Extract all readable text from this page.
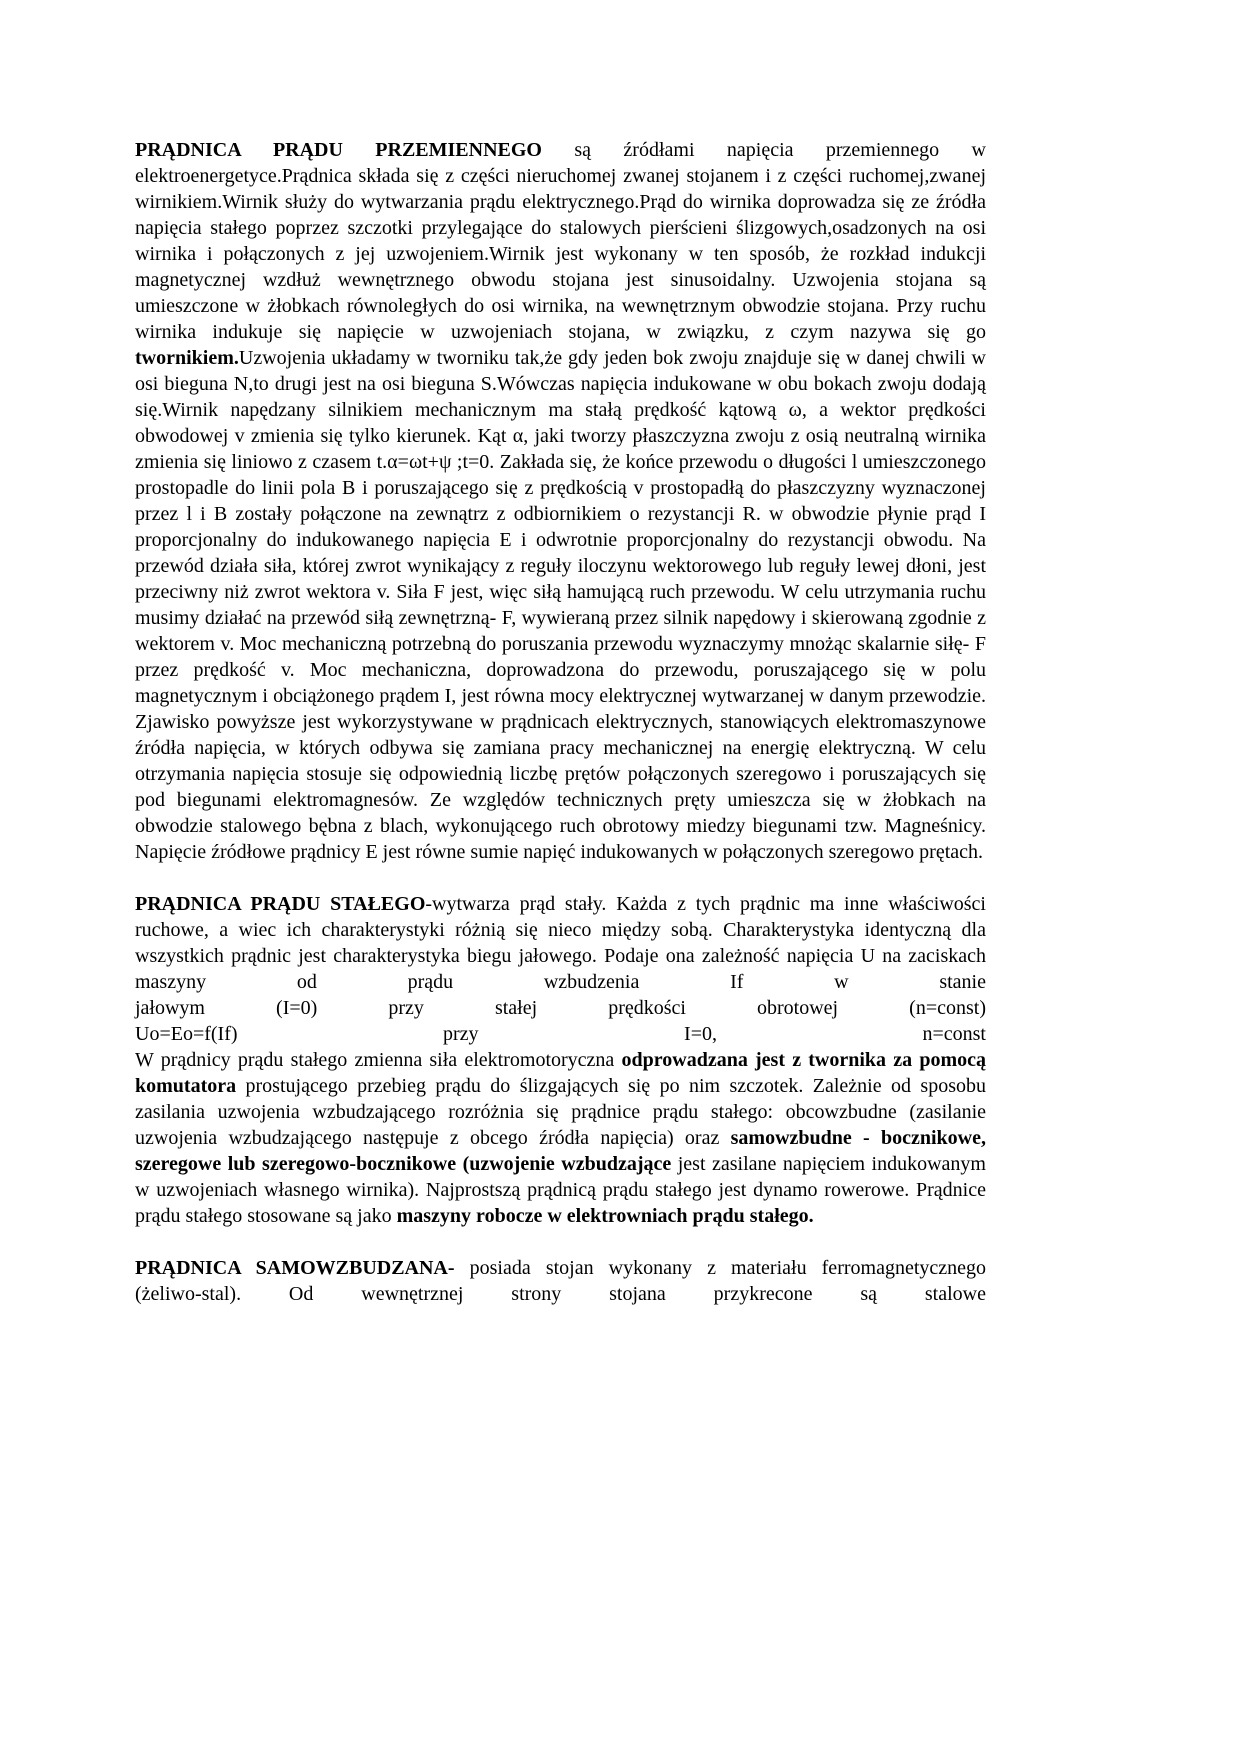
PRĄDNICA PRĄDU PRZEMIENNEGO są źródłami napięcia przemiennego w elektroenergetyce.Prądnica składa się z części nieruchomej zwanej stojanem i z części ruchomej,zwanej wirnikiem.Wirnik służy do wytwarzania prądu elektrycznego.Prąd do wirnika doprowadza się ze źródła napięcia stałego poprzez szczotki przylegające do stalowych pierścieni ślizgowych,osadzonych na osi wirnika i połączonych z jej uzwojeniem.Wirnik jest wykonany w ten sposób, że rozkład indukcji magnetycznej wzdłuż wewnętrznego obwodu stojana jest sinusoidalny. Uzwojenia stojana są umieszczone w żłobkach równoległych do osi wirnika, na wewnętrznym obwodzie stojana. Przy ruchu wirnika indukuje się napięcie w uzwojeniach stojana, w związku, z czym nazywa się go twornikiem.Uzwojenia układamy w tworniku tak,że gdy jeden bok zwoju znajduje się w danej chwili w osi bieguna N,to drugi jest na osi bieguna S.Wówczas napięcia indukowane w obu bokach zwoju dodają się.Wirnik napędzany silnikiem mechanicznym ma stałą prędkość kątową ω, a wektor prędkości obwodowej v zmienia się tylko kierunek. Kąt α, jaki tworzy płaszczyzna zwoju z osią neutralną wirnika zmienia się liniowo z czasem t.α=ωt+ψ ;t=0. Zakłada się, że końce przewodu o długości l umieszczonego prostopadle do linii pola B i poruszającego się z prędkością v prostopadłą do płaszczyzny wyznaczonej przez l i B zostały połączone na zewnątrz z odbiornikiem o rezystancji R. w obwodzie płynie prąd I proporcjonalny do indukowanego napięcia E i odwrotnie proporcjonalny do rezystancji obwodu. Na przewód działa siła, której zwrot wynikający z reguły iloczynu wektorowego lub reguły lewej dłoni, jest przeciwny niż zwrot wektora v. Siła F jest, więc siłą hamującą ruch przewodu. W celu utrzymania ruchu musimy działać na przewód siłą zewnętrzną- F, wywieraną przez silnik napędowy i skierowaną zgodnie z wektorem v. Moc mechaniczną potrzebną do poruszania przewodu wyznaczymy mnożąc skalarnie siłę- F przez prędkość v. Moc mechaniczna, doprowadzona do przewodu, poruszającego się w polu magnetycznym i obciążonego prądem I, jest równa mocy elektrycznej wytwarzanej w danym przewodzie. Zjawisko powyższe jest wykorzystywane w prądnicach elektrycznych, stanowiących elektromaszynowe źródła napięcia, w których odbywa się zamiana pracy mechanicznej na energię elektryczną. W celu otrzymania napięcia stosuje się odpowiednią liczbę prętów połączonych szeregowo i poruszających się pod biegunami elektromagnesów. Ze względów technicznych pręty umieszcza się w żłobkach na obwodzie stalowego bębna z blach, wykonującego ruch obrotowy miedzy biegunami tzw. Magneśnicy. Napięcie źródłowe prądnicy E jest równe sumie napięć indukowanych w połączonych szeregowo prętach.

PRĄDNICA PRĄDU STAŁEGO-wytwarza prąd stały. Każda z tych prądnic ma inne właściwości ruchowe, a wiec ich charakterystyki różnią się nieco między sobą. Charakterystyka identyczną dla wszystkich prądnic jest charakterystyka biegu jałowego. Podaje ona zależność napięcia U na zaciskach maszyny od prądu wzbudzenia If w stanie
jałowym (I=0) przy stałej prędkości obrotowej (n=const)
Uo=Eo=f(If) przy I=0, n=const
W prądnicy prądu stałego zmienna siła elektromotoryczna odprowadzana jest z twornika za pomocą komutatora prostującego przebieg prądu do ślizgających się po nim szczotek. Zależnie od sposobu zasilania uzwojenia wzbudzającego rozróżnia się prądnice prądu stałego: obcowzbudne (zasilanie uzwojenia wzbudzającego następuje z obcego źródła napięcia) oraz samowzbudne - bocznikowe, szeregowe lub szeregowo-bocznikowe (uzwojenie wzbudzające jest zasilane napięciem indukowanym w uzwojeniach własnego wirnika). Najprostszą prądnicą prądu stałego jest dynamo rowerowe. Prądnice prądu stałego stosowane są jako maszyny robocze w elektrowniach prądu stałego.
PRĄDNICA SAMOWZBUDZANA- posiada stojan wykonany z materiału ferromagnetycznego (żeliwo-stal). Od wewnętrznej strony stojana przykrecone są stalowe
